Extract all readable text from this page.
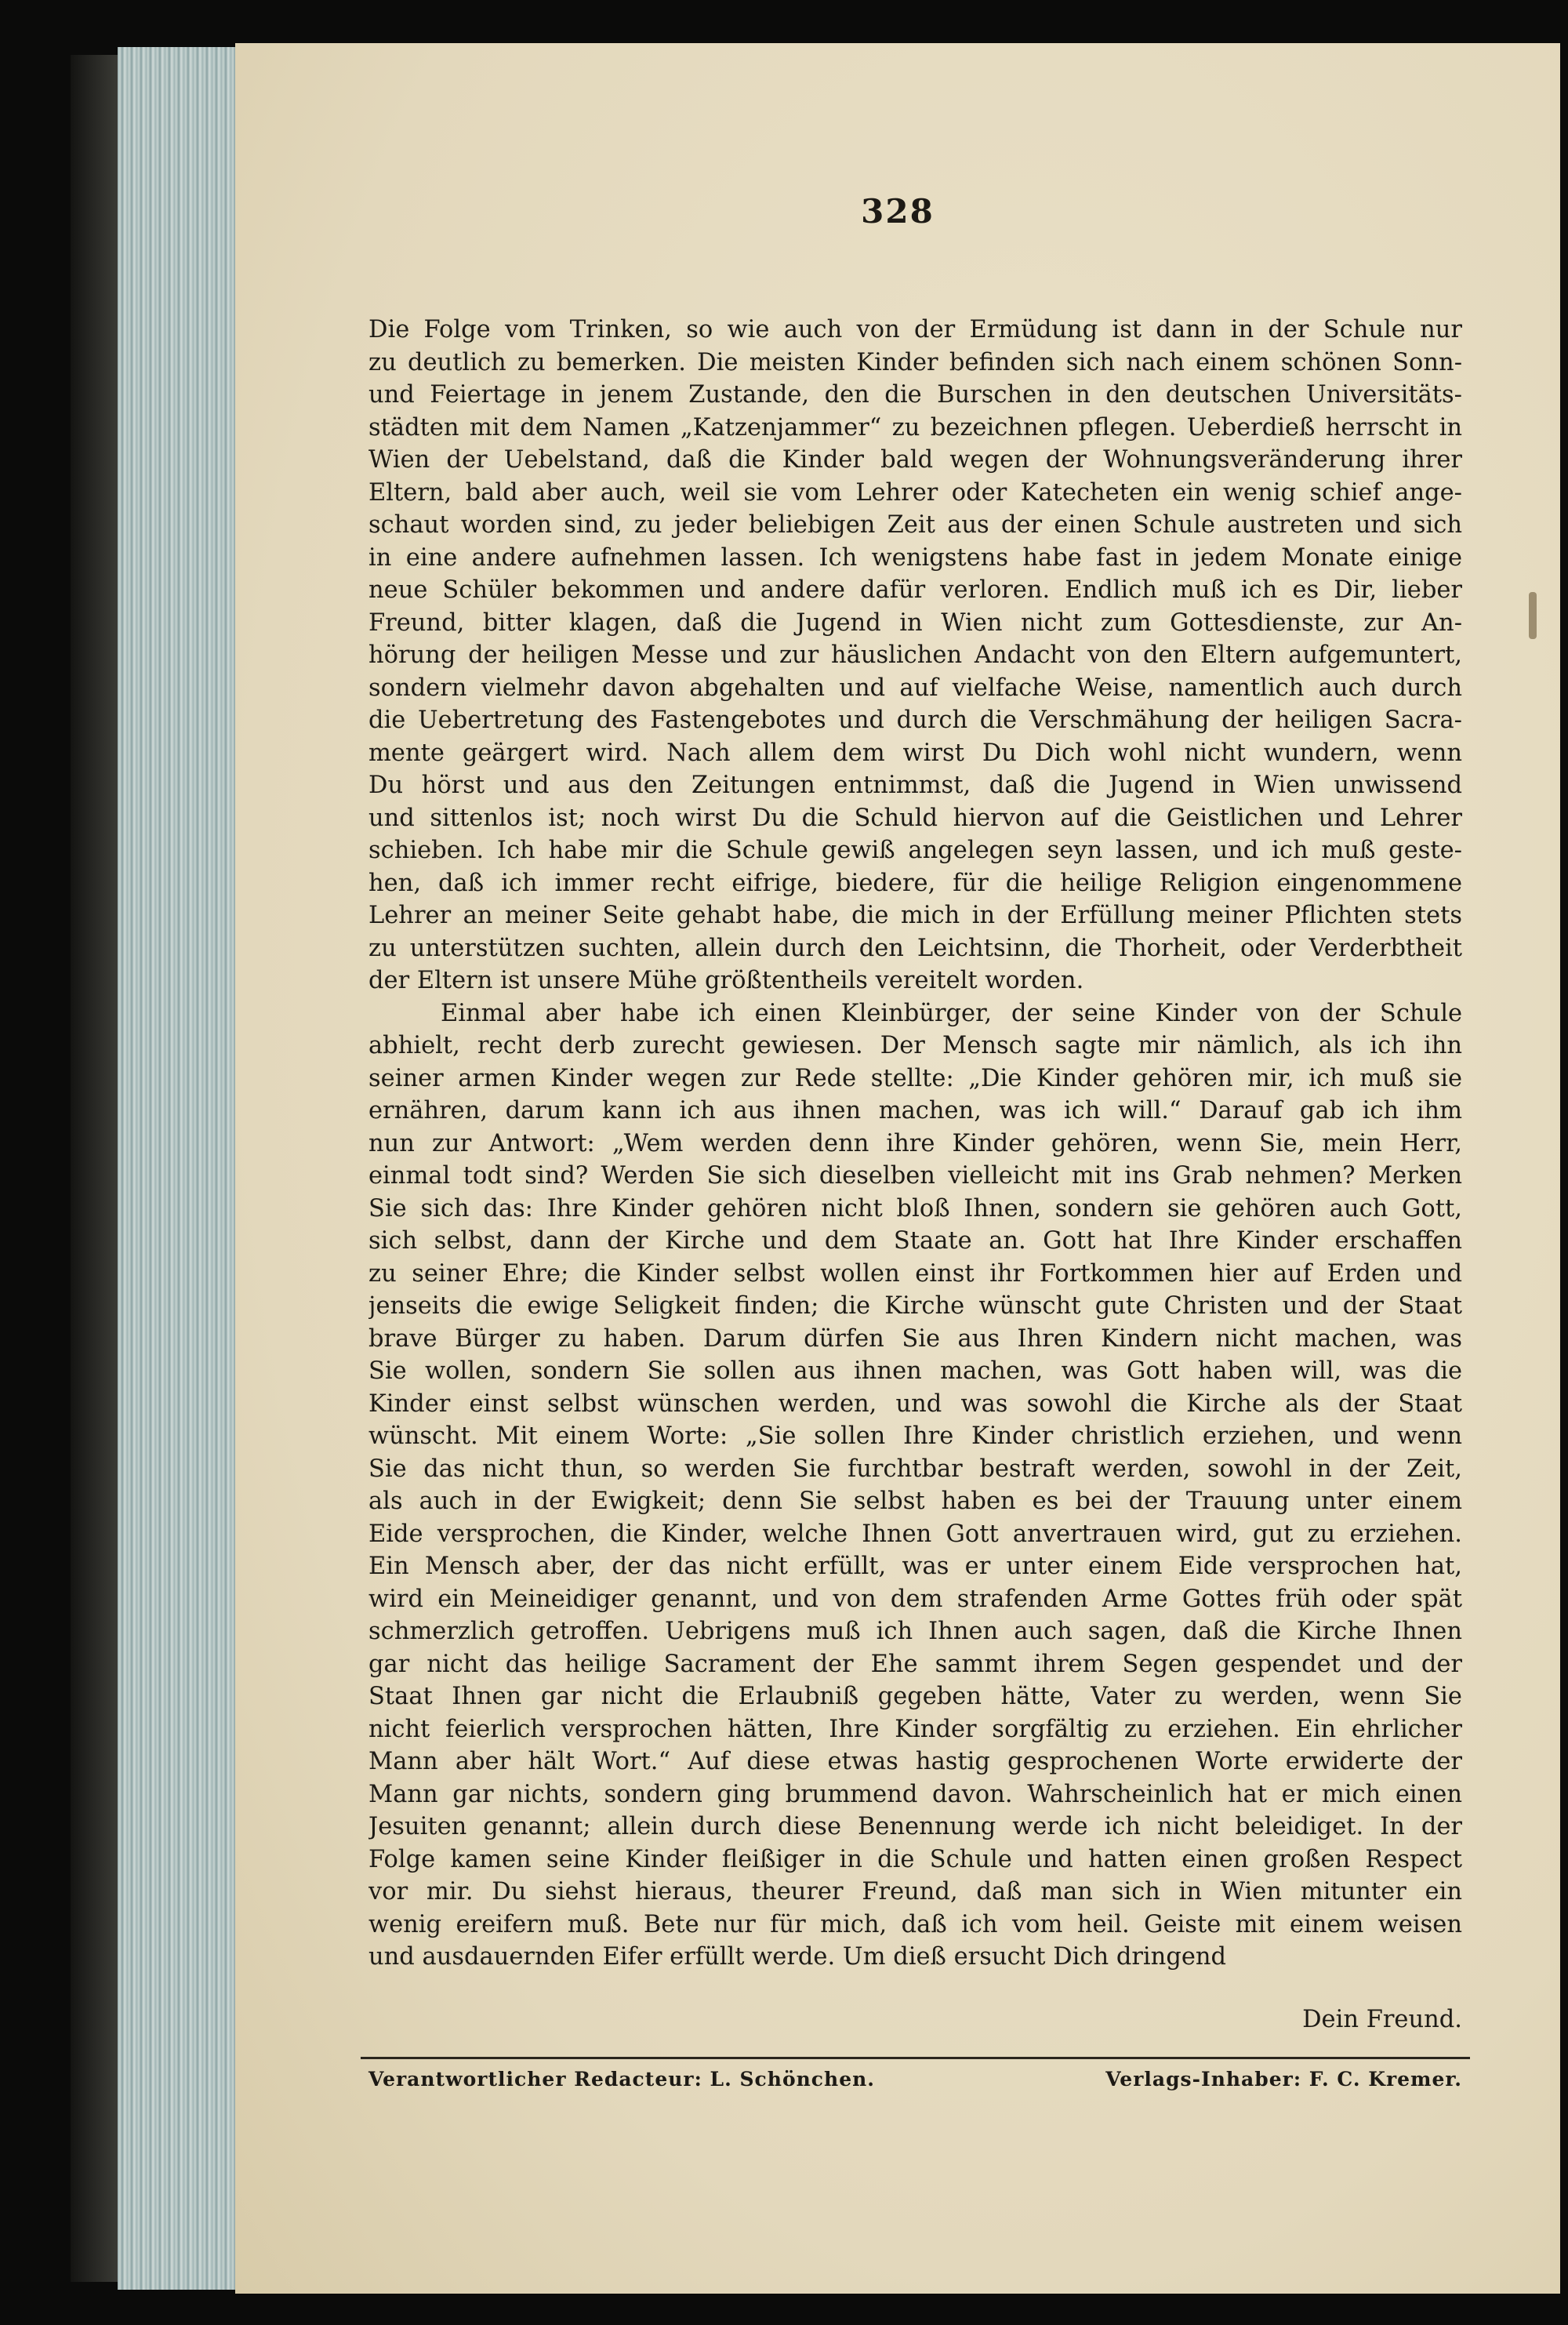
328
Die Folge vom Trinken, so wie auch von der Ermüdung ist dann in der Schule nur
zu deutlich zu bemerken. Die meisten Kinder befinden sich nach einem schönen Sonn-
und Feiertage in jenem Zustande, den die Burschen in den deutschen Universitäts-
städten mit dem Namen „Katzenjammer“ zu bezeichnen pflegen. Ueberdieß herrscht in
Wien der Uebelstand, daß die Kinder bald wegen der Wohnungsveränderung ihrer
Eltern, bald aber auch, weil sie vom Lehrer oder Katecheten ein wenig schief ange-
schaut worden sind, zu jeder beliebigen Zeit aus der einen Schule austreten und sich
in eine andere aufnehmen lassen. Ich wenigstens habe fast in jedem Monate einige
neue Schüler bekommen und andere dafür verloren. Endlich muß ich es Dir, lieber
Freund, bitter klagen, daß die Jugend in Wien nicht zum Gottesdienste, zur An-
hörung der heiligen Messe und zur häuslichen Andacht von den Eltern aufgemuntert,
sondern vielmehr davon abgehalten und auf vielfache Weise, namentlich auch durch
die Uebertretung des Fastengebotes und durch die Verschmähung der heiligen Sacra-
mente geärgert wird. Nach allem dem wirst Du Dich wohl nicht wundern, wenn
Du hörst und aus den Zeitungen entnimmst, daß die Jugend in Wien unwissend
und sittenlos ist; noch wirst Du die Schuld hiervon auf die Geistlichen und Lehrer
schieben. Ich habe mir die Schule gewiß angelegen seyn lassen, und ich muß geste-
hen, daß ich immer recht eifrige, biedere, für die heilige Religion eingenommene
Lehrer an meiner Seite gehabt habe, die mich in der Erfüllung meiner Pflichten stets
zu unterstützen suchten, allein durch den Leichtsinn, die Thorheit, oder Verderbtheit
der Eltern ist unsere Mühe größtentheils vereitelt worden.
Einmal aber habe ich einen Kleinbürger, der seine Kinder von der Schule
abhielt, recht derb zurecht gewiesen. Der Mensch sagte mir nämlich, als ich ihn
seiner armen Kinder wegen zur Rede stellte: „Die Kinder gehören mir, ich muß sie
ernähren, darum kann ich aus ihnen machen, was ich will.“ Darauf gab ich ihm
nun zur Antwort: „Wem werden denn ihre Kinder gehören, wenn Sie, mein Herr,
einmal todt sind? Werden Sie sich dieselben vielleicht mit ins Grab nehmen? Merken
Sie sich das: Ihre Kinder gehören nicht bloß Ihnen, sondern sie gehören auch Gott,
sich selbst, dann der Kirche und dem Staate an. Gott hat Ihre Kinder erschaffen
zu seiner Ehre; die Kinder selbst wollen einst ihr Fortkommen hier auf Erden und
jenseits die ewige Seligkeit finden; die Kirche wünscht gute Christen und der Staat
brave Bürger zu haben. Darum dürfen Sie aus Ihren Kindern nicht machen, was
Sie wollen, sondern Sie sollen aus ihnen machen, was Gott haben will, was die
Kinder einst selbst wünschen werden, und was sowohl die Kirche als der Staat
wünscht. Mit einem Worte: „Sie sollen Ihre Kinder christlich erziehen, und wenn
Sie das nicht thun, so werden Sie furchtbar bestraft werden, sowohl in der Zeit,
als auch in der Ewigkeit; denn Sie selbst haben es bei der Trauung unter einem
Eide versprochen, die Kinder, welche Ihnen Gott anvertrauen wird, gut zu erziehen.
Ein Mensch aber, der das nicht erfüllt, was er unter einem Eide versprochen hat,
wird ein Meineidiger genannt, und von dem strafenden Arme Gottes früh oder spät
schmerzlich getroffen. Uebrigens muß ich Ihnen auch sagen, daß die Kirche Ihnen
gar nicht das heilige Sacrament der Ehe sammt ihrem Segen gespendet und der
Staat Ihnen gar nicht die Erlaubniß gegeben hätte, Vater zu werden, wenn Sie
nicht feierlich versprochen hätten, Ihre Kinder sorgfältig zu erziehen. Ein ehrlicher
Mann aber hält Wort.“ Auf diese etwas hastig gesprochenen Worte erwiderte der
Mann gar nichts, sondern ging brummend davon. Wahrscheinlich hat er mich einen
Jesuiten genannt; allein durch diese Benennung werde ich nicht beleidiget. In der
Folge kamen seine Kinder fleißiger in die Schule und hatten einen großen Respect
vor mir. Du siehst hieraus, theurer Freund, daß man sich in Wien mitunter ein
wenig ereifern muß. Bete nur für mich, daß ich vom heil. Geiste mit einem weisen
und ausdauernden Eifer erfüllt werde. Um dieß ersucht Dich dringend
Dein Freund.
Verantwortlicher Redacteur: L. Schönchen.	Verlags-Inhaber: F. C. Kremer.
